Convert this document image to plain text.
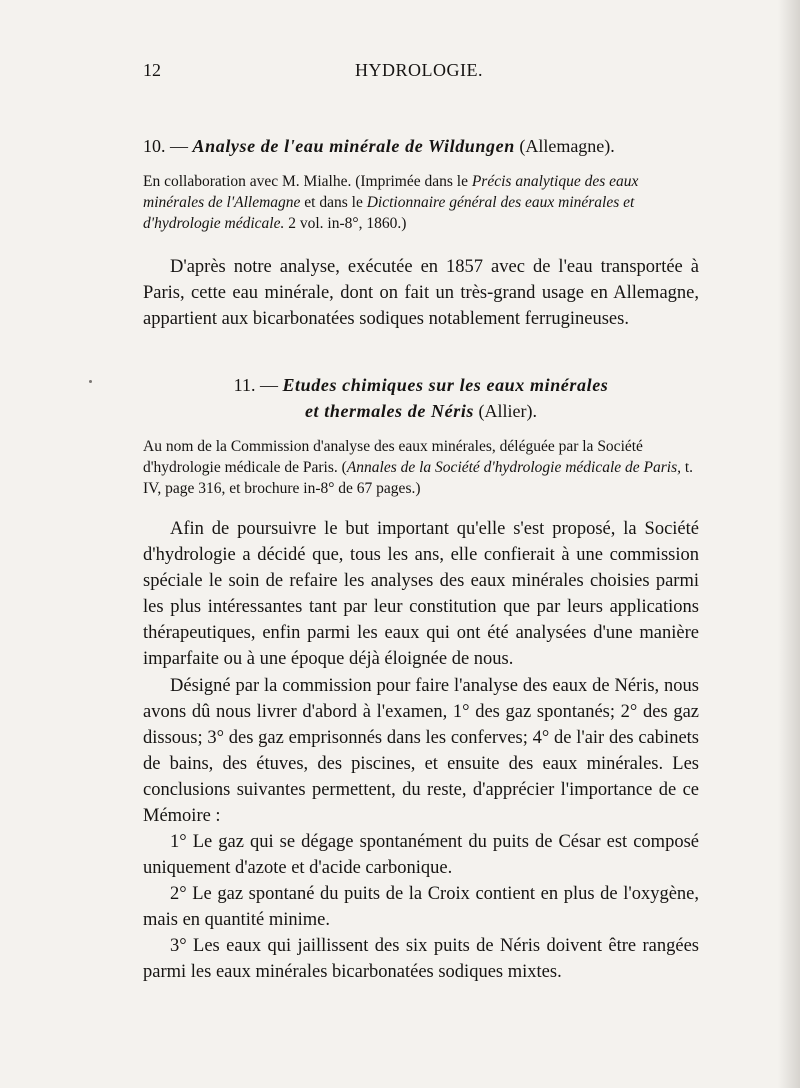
12	HYDROLOGIE.
10. — Analyse de l'eau minérale de Wildungen (Allemagne).

En collaboration avec M. Mialhe. (Imprimée dans le Précis analytique des eaux minérales de l'Allemagne et dans le Dictionnaire général des eaux minérales et d'hydrologie médicale. 2 vol. in-8°, 1860.)

D'après notre analyse, exécutée en 1857 avec de l'eau transportée à Paris, cette eau minérale, dont on fait un très-grand usage en Allemagne, appartient aux bicarbonatées sodiques notablement ferrugineuses.

11. — Etudes chimiques sur les eaux minérales
et thermales de Néris (Allier).

Au nom de la Commission d'analyse des eaux minérales, déléguée par la Société d'hydrologie médicale de Paris. (Annales de la Société d'hydrologie médicale de Paris, t. IV, page 316, et brochure in-8° de 67 pages.)

Afin de poursuivre le but important qu'elle s'est proposé, la Société d'hydrologie a décidé que, tous les ans, elle confierait à une commission spéciale le soin de refaire les analyses des eaux minérales choisies parmi les plus intéressantes tant par leur constitution que par leurs applications thérapeutiques, enfin parmi les eaux qui ont été analysées d'une manière imparfaite ou à une époque déjà éloignée de nous.

Désigné par la commission pour faire l'analyse des eaux de Néris, nous avons dû nous livrer d'abord à l'examen, 1° des gaz spontanés; 2° des gaz dissous; 3° des gaz emprisonnés dans les conferves; 4° de l'air des cabinets de bains, des étuves, des piscines, et ensuite des eaux minérales. Les conclusions suivantes permettent, du reste, d'apprécier l'importance de ce Mémoire :

1° Le gaz qui se dégage spontanément du puits de César est composé uniquement d'azote et d'acide carbonique.

2° Le gaz spontané du puits de la Croix contient en plus de l'oxygène, mais en quantité minime.

3° Les eaux qui jaillissent des six puits de Néris doivent être rangées parmi les eaux minérales bicarbonatées sodiques mixtes.
